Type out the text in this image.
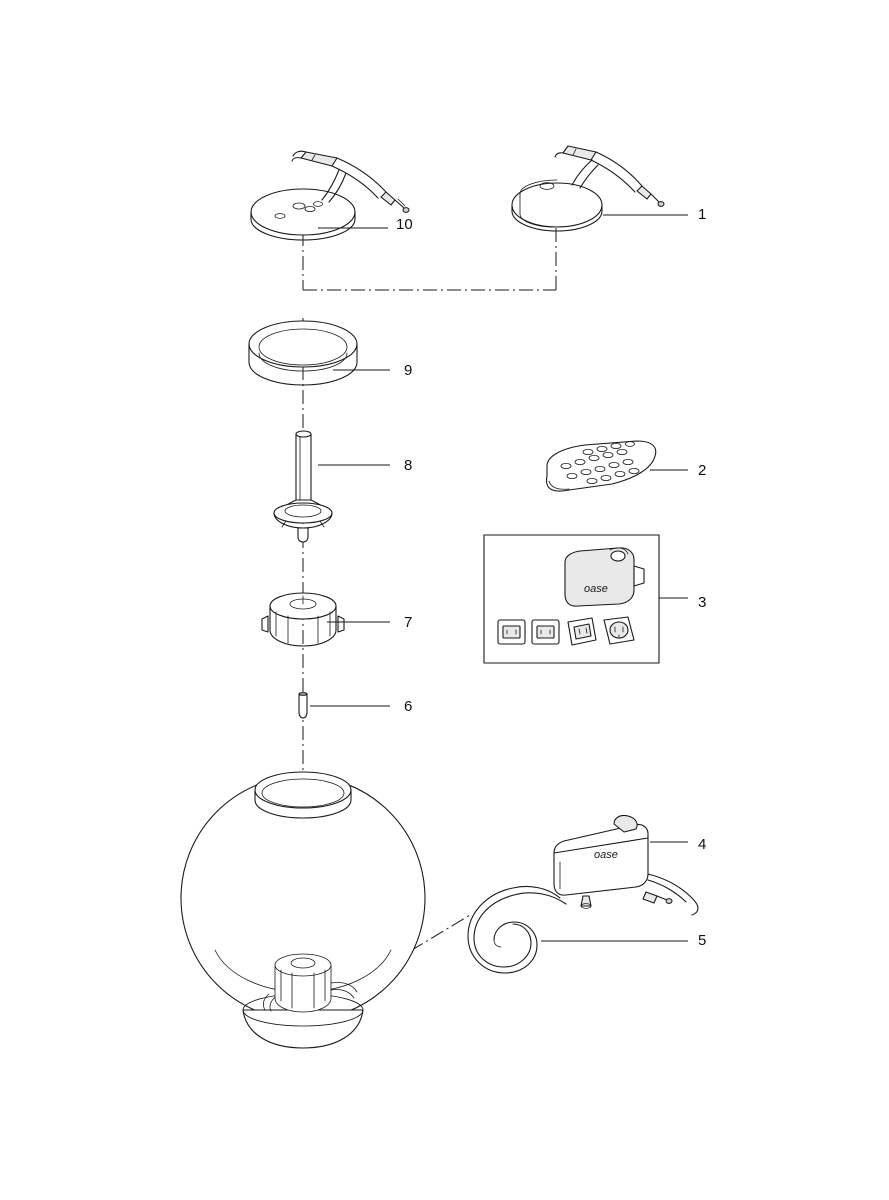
oase
oase
1
2
3
4
5
6
7
8
9
10
